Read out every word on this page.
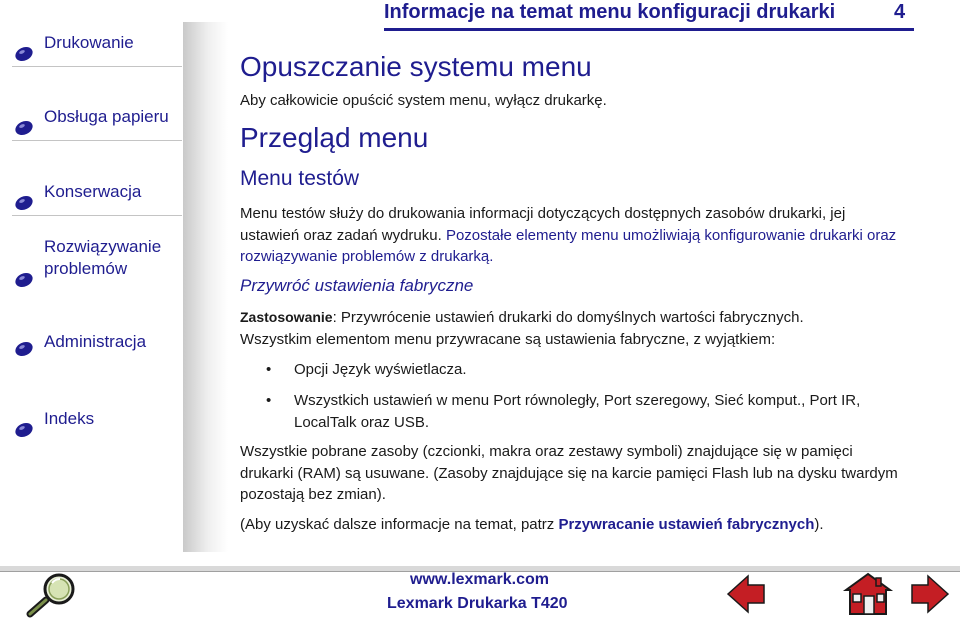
Drukowanie
Obsługa papieru
Konserwacja
Rozwiązywanie
problemów
Administracja
Indeks
Informacje na temat menu konfiguracji drukarki	4
Opuszczanie systemu menu
Aby całkowicie opuścić system menu, wyłącz drukarkę.
Przegląd menu
Menu testów
Menu testów służy do drukowania informacji dotyczących dostępnych zasobów drukarki, jej ustawień oraz zadań wydruku. Pozostałe elementy menu umożliwiają konfigurowanie drukarki oraz rozwiązywanie problemów z drukarką.
Przywróć ustawienia fabryczne
Zastosowanie: Przywrócenie ustawień drukarki do domyślnych wartości fabrycznych.
Wszystkim elementom menu przywracane są ustawienia fabryczne, z wyjątkiem:
•	Opcji Język wyświetlacza.
•	Wszystkich ustawień w menu Port równoległy, Port szeregowy, Sieć komput., Port IR, LocalTalk oraz USB.
Wszystkie pobrane zasoby (czcionki, makra oraz zestawy symboli) znajdujące się w pamięci drukarki (RAM) są usuwane. (Zasoby znajdujące się na karcie pamięci Flash lub na dysku twardym pozostają bez zmian).
(Aby uzyskać dalsze informacje na temat, patrz Przywracanie ustawień fabrycznych).
www.lexmark.com
Lexmark Drukarka T420
